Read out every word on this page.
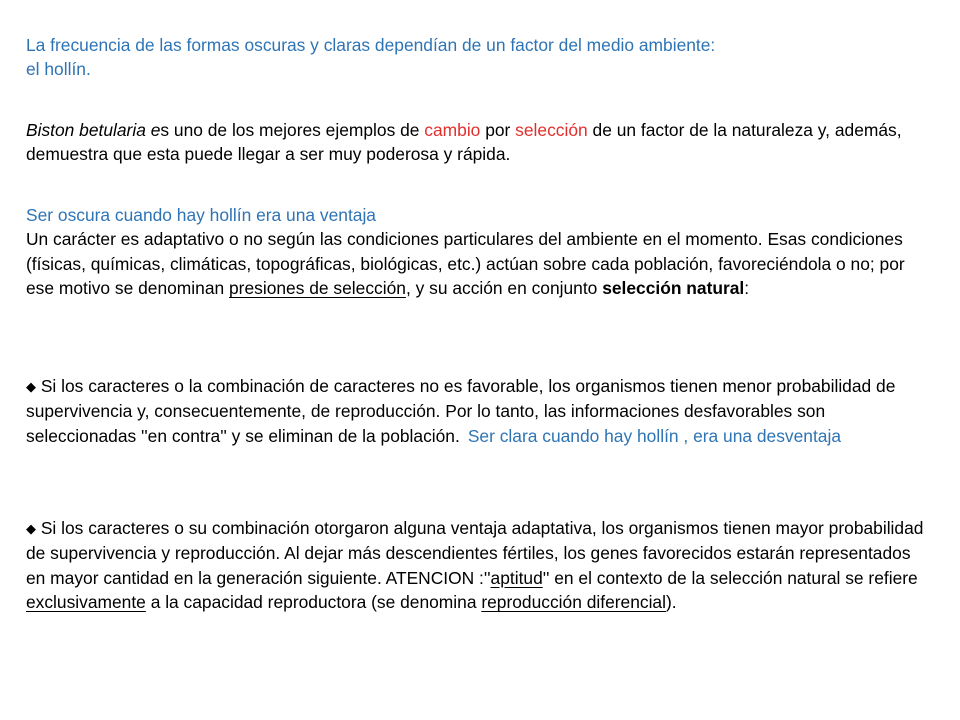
La frecuencia de las formas oscuras y claras dependían de un factor del medio ambiente:
el hollín.
Biston betularia es uno de los mejores ejemplos de cambio por selección de un factor de la naturaleza y, además, demuestra que esta puede llegar a ser muy poderosa y rápida.
Ser oscura cuando hay hollín era una ventaja
Un carácter es adaptativo o no según las condiciones particulares del ambiente en el momento. Esas condiciones (físicas, químicas, climáticas, topográficas, biológicas, etc.) actúan sobre cada población, favoreciéndola o no; por ese motivo se denominan presiones de selección, y su acción en conjunto selección natural:
◆ Si los caracteres o la combinación de caracteres no es favorable, los organismos tienen menor probabilidad de supervivencia y, consecuentemente, de reproducción. Por lo tanto, las informaciones desfavorables son seleccionadas ''en contra'' y se eliminan de la población. Ser clara cuando hay hollín , era una desventaja
◆ Si los caracteres o su combinación otorgaron alguna ventaja adaptativa, los organismos tienen mayor probabilidad de supervivencia y reproducción. Al dejar más descendientes fértiles, los genes favorecidos estarán representados en mayor cantidad en la generación siguiente. ATENCION :''aptitud'' en el contexto de la selección natural se refiere exclusivamente a la capacidad reproductora (se denomina reproducción diferencial).
